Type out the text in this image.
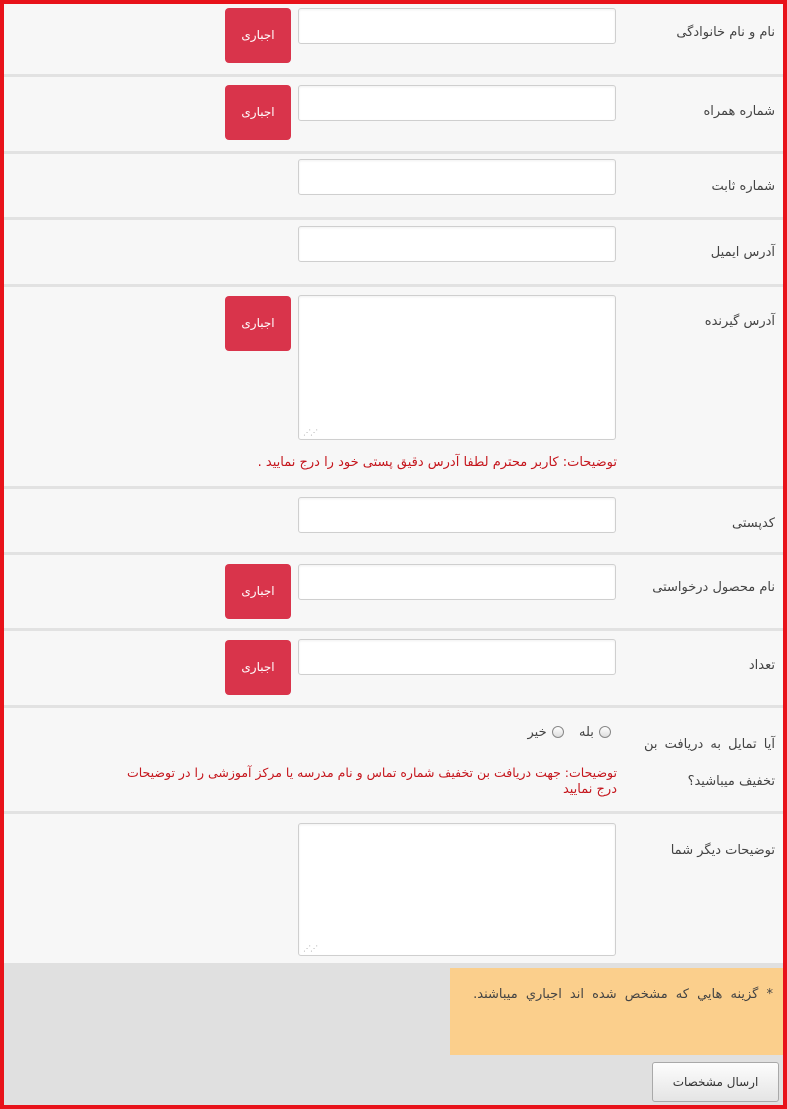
نام و نام خانوادگی
اجباری
شماره همراه
اجباری
شماره ثابت
آدرس ایمیل
آدرس گیرنده
⋰⋰
اجباری
توضیحات: کاربر محترم لطفا آدرس دقیق پستی خود را درج نمایید .
کدپستی
نام محصول درخواستی
اجباری
تعداد
اجباری
آیا تمایل به دریافت بن
تخفیف میباشید؟
بله    خیر
توضیحات: جهت دریافت بن تخفیف شماره تماس و نام مدرسه یا مرکز آموزشی را در توضیحات
درج نمایید
توضیحات دیگر شما
⋰⋰
* گزینه هايي که مشخص شده اند اجباري ميباشند.
ارسال مشخصات
